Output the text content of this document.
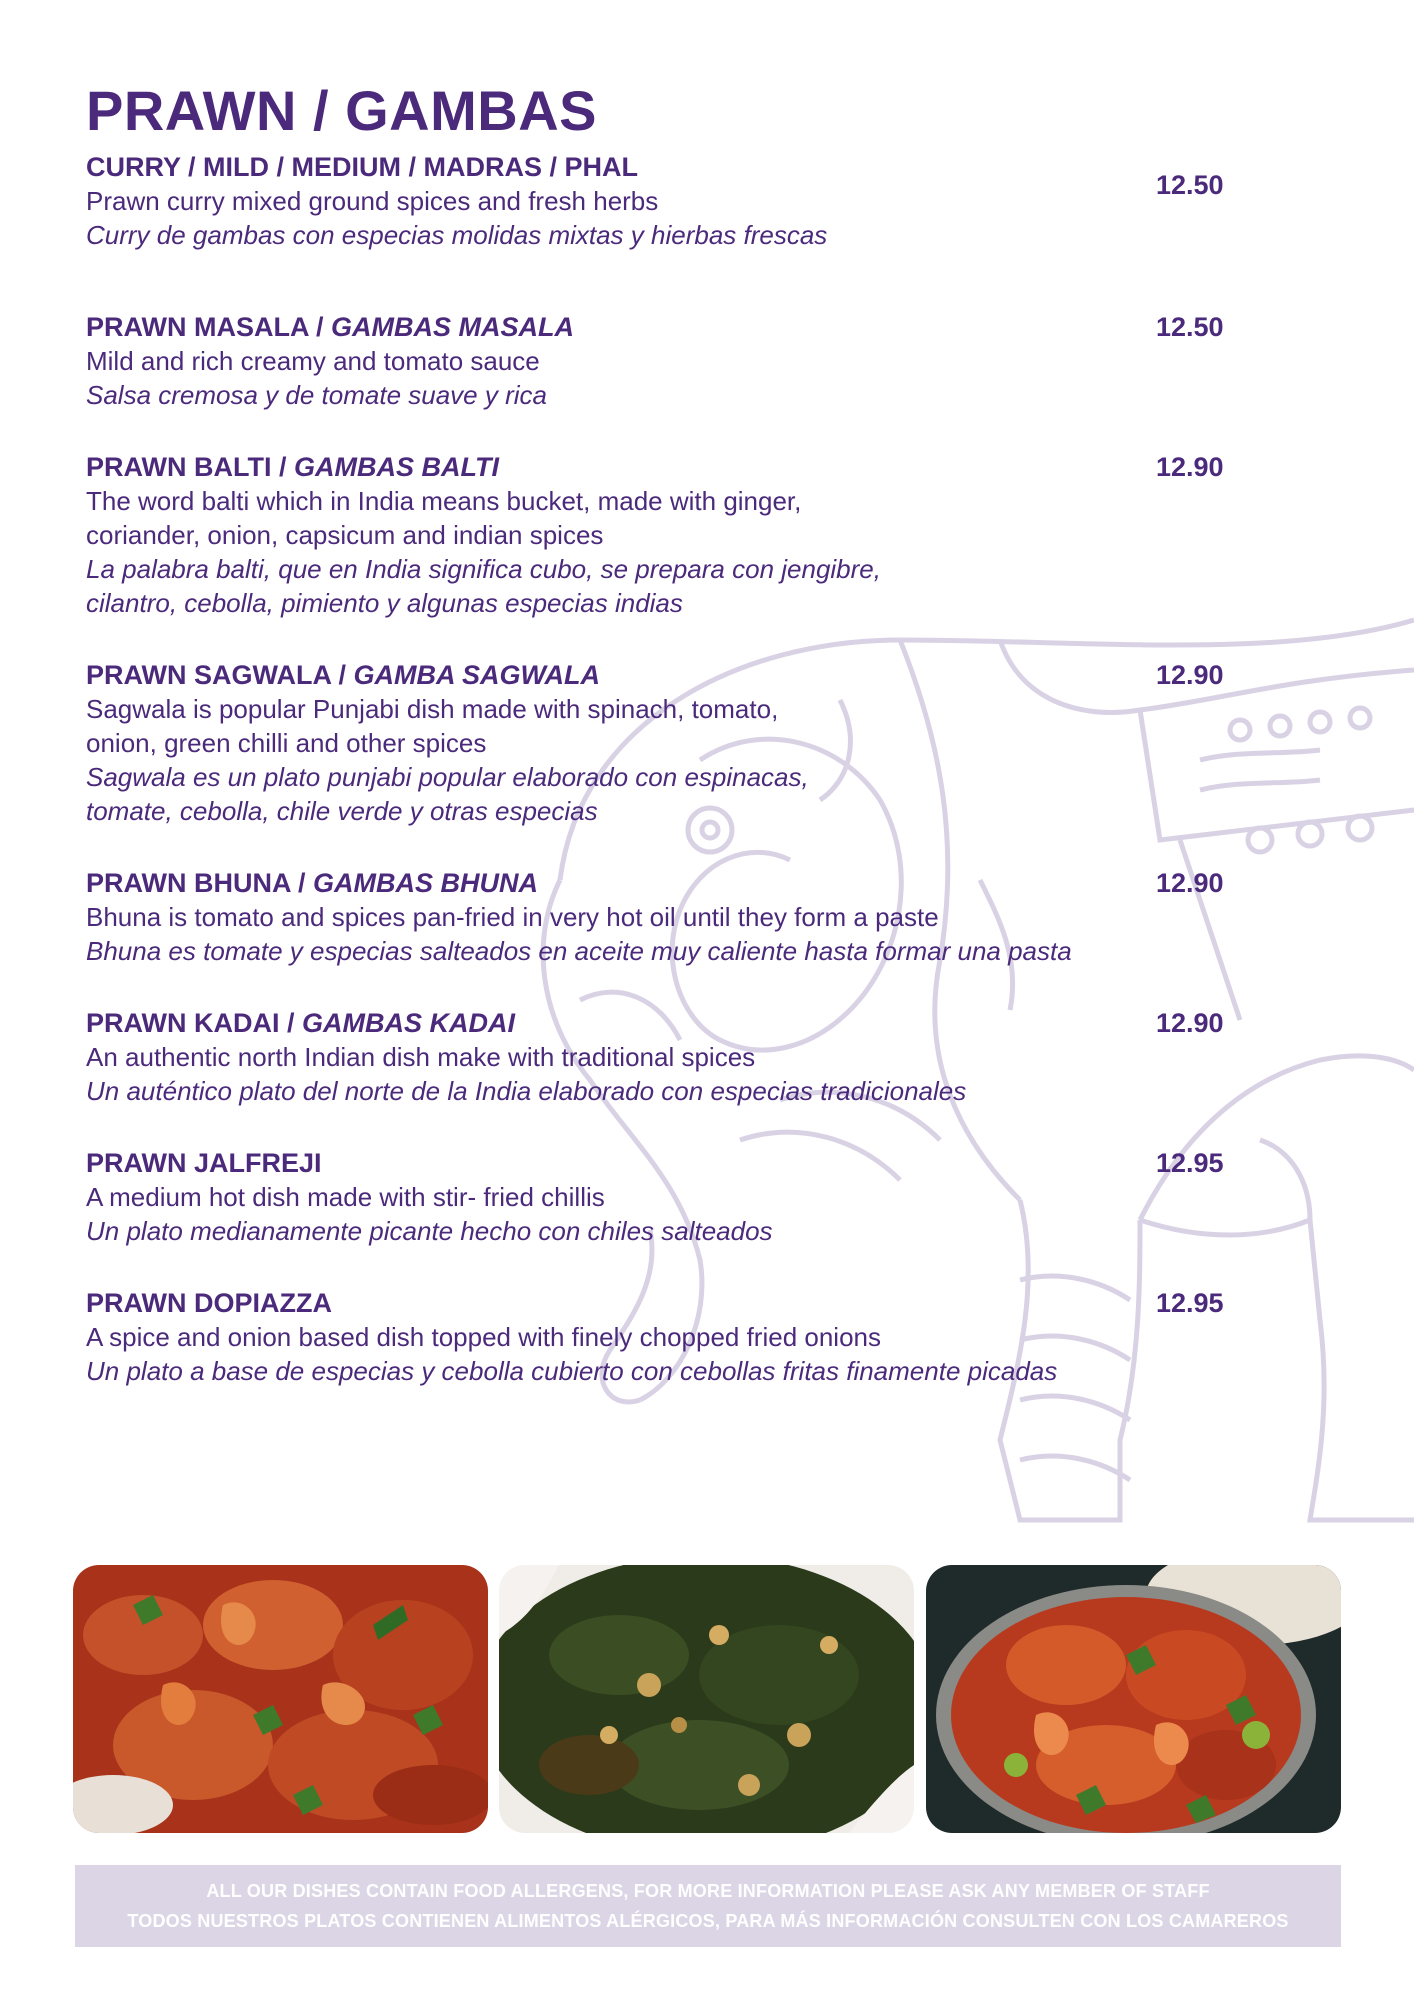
PRAWN / GAMBAS
CURRY / MILD / MEDIUM / MADRAS / PHAL
Prawn curry mixed ground spices and fresh herbs
Curry de gambas con especias molidas mixtas y hierbas frescas
12.50
PRAWN MASALA / GAMBAS MASALA
Mild and rich creamy and tomato sauce
Salsa cremosa y de tomate suave y rica
12.50
PRAWN BALTI / GAMBAS BALTI
The word balti which in India means bucket, made with ginger,
coriander, onion, capsicum and indian spices
La palabra balti, que en India significa cubo, se prepara con jengibre,
cilantro, cebolla, pimiento y algunas especias indias
12.90
PRAWN SAGWALA / GAMBA SAGWALA
Sagwala is popular Punjabi dish made with spinach, tomato,
onion, green chilli and other spices
Sagwala es un plato punjabi popular elaborado con espinacas,
tomate, cebolla, chile verde y otras especias
12.90
PRAWN BHUNA / GAMBAS BHUNA
Bhuna is tomato and spices pan-fried in very hot oil until they form a paste
Bhuna es tomate y especias salteados en aceite muy caliente hasta formar una pasta
12.90
PRAWN KADAI / GAMBAS KADAI
An authentic north Indian dish make with traditional spices
Un auténtico plato del norte de la India elaborado con especias tradicionales
12.90
PRAWN JALFREJI
A medium hot dish made with stir- fried chillis
Un plato medianamente picante hecho con chiles salteados
12.95
PRAWN DOPIAZZA
A spice and onion based dish topped with finely chopped fried onions
Un plato a base de especias y cebolla cubierto con cebollas fritas finamente picadas
12.95
ALL OUR DISHES CONTAIN FOOD ALLERGENS, FOR MORE INFORMATION PLEASE ASK ANY MEMBER OF STAFF
TODOS NUESTROS PLATOS CONTIENEN ALIMENTOS ALÉRGICOS, PARA MÁS INFORMACIÓN CONSULTEN CON LOS CAMAREROS
